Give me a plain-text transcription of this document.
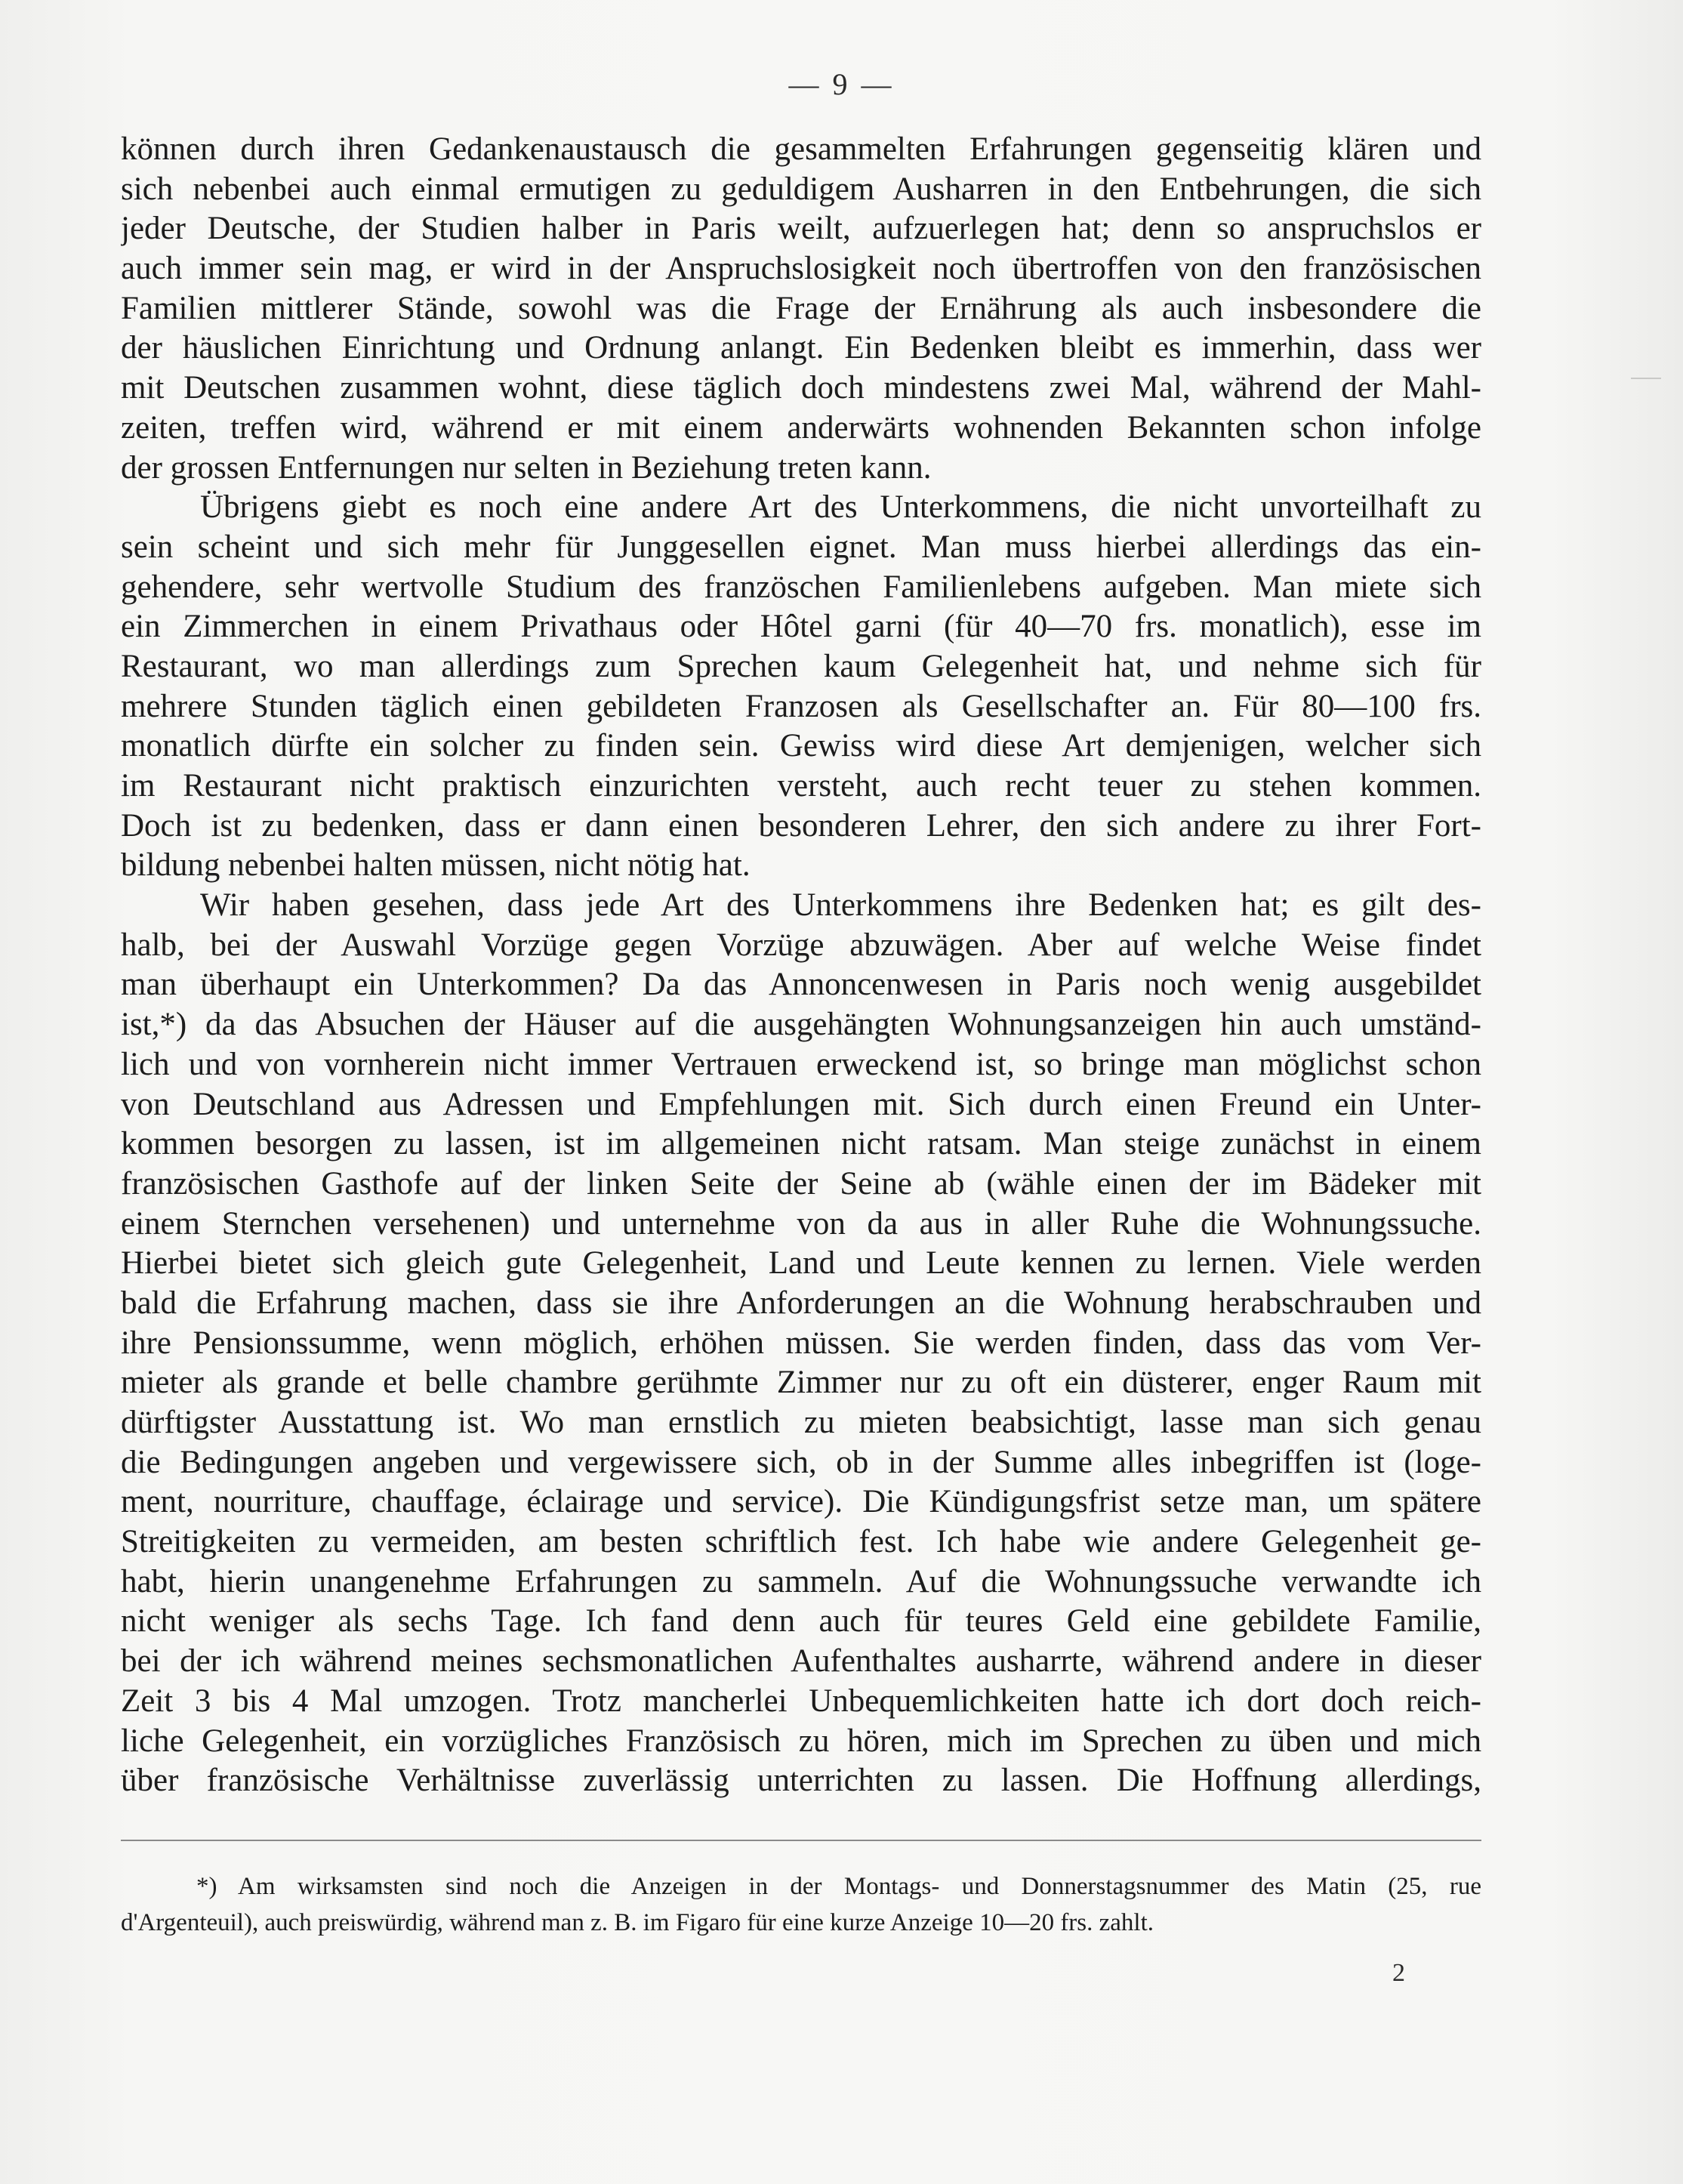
— 9 —
können durch ihren Gedankenaustausch die gesammelten Erfahrungen gegenseitig klären und
sich nebenbei auch einmal ermutigen zu geduldigem Ausharren in den Entbehrungen, die sich
jeder Deutsche, der Studien halber in Paris weilt, aufzuerlegen hat; denn so anspruchslos er
auch immer sein mag, er wird in der Anspruchslosigkeit noch übertroffen von den französischen
Familien mittlerer Stände, sowohl was die Frage der Ernährung als auch insbesondere die
der häuslichen Einrichtung und Ordnung anlangt. Ein Bedenken bleibt es immerhin, dass wer
mit Deutschen zusammen wohnt, diese täglich doch mindestens zwei Mal, während der Mahl-
zeiten, treffen wird, während er mit einem anderwärts wohnenden Bekannten schon infolge
der grossen Entfernungen nur selten in Beziehung treten kann.
Übrigens giebt es noch eine andere Art des Unterkommens, die nicht unvorteilhaft zu
sein scheint und sich mehr für Junggesellen eignet. Man muss hierbei allerdings das ein-
gehendere, sehr wertvolle Studium des französchen Familienlebens aufgeben. Man miete sich
ein Zimmerchen in einem Privathaus oder Hôtel garni (für 40—70 frs. monatlich), esse im
Restaurant, wo man allerdings zum Sprechen kaum Gelegenheit hat, und nehme sich für
mehrere Stunden täglich einen gebildeten Franzosen als Gesellschafter an. Für 80—100 frs.
monatlich dürfte ein solcher zu finden sein. Gewiss wird diese Art demjenigen, welcher sich
im Restaurant nicht praktisch einzurichten versteht, auch recht teuer zu stehen kommen.
Doch ist zu bedenken, dass er dann einen besonderen Lehrer, den sich andere zu ihrer Fort-
bildung nebenbei halten müssen, nicht nötig hat.
Wir haben gesehen, dass jede Art des Unterkommens ihre Bedenken hat; es gilt des-
halb, bei der Auswahl Vorzüge gegen Vorzüge abzuwägen. Aber auf welche Weise findet
man überhaupt ein Unterkommen? Da das Annoncenwesen in Paris noch wenig ausgebildet
ist,*) da das Absuchen der Häuser auf die ausgehängten Wohnungsanzeigen hin auch umständ-
lich und von vornherein nicht immer Vertrauen erweckend ist, so bringe man möglichst schon
von Deutschland aus Adressen und Empfehlungen mit. Sich durch einen Freund ein Unter-
kommen besorgen zu lassen, ist im allgemeinen nicht ratsam. Man steige zunächst in einem
französischen Gasthofe auf der linken Seite der Seine ab (wähle einen der im Bädeker mit
einem Sternchen versehenen) und unternehme von da aus in aller Ruhe die Wohnungssuche.
Hierbei bietet sich gleich gute Gelegenheit, Land und Leute kennen zu lernen. Viele werden
bald die Erfahrung machen, dass sie ihre Anforderungen an die Wohnung herabschrauben und
ihre Pensionssumme, wenn möglich, erhöhen müssen. Sie werden finden, dass das vom Ver-
mieter als grande et belle chambre gerühmte Zimmer nur zu oft ein düsterer, enger Raum mit
dürftigster Ausstattung ist. Wo man ernstlich zu mieten beabsichtigt, lasse man sich genau
die Bedingungen angeben und vergewissere sich, ob in der Summe alles inbegriffen ist (loge-
ment, nourriture, chauffage, éclairage und service). Die Kündigungsfrist setze man, um spätere
Streitigkeiten zu vermeiden, am besten schriftlich fest. Ich habe wie andere Gelegenheit ge-
habt, hierin unangenehme Erfahrungen zu sammeln. Auf die Wohnungssuche verwandte ich
nicht weniger als sechs Tage. Ich fand denn auch für teures Geld eine gebildete Familie,
bei der ich während meines sechsmonatlichen Aufenthaltes ausharrte, während andere in dieser
Zeit 3 bis 4 Mal umzogen. Trotz mancherlei Unbequemlichkeiten hatte ich dort doch reich-
liche Gelegenheit, ein vorzügliches Französisch zu hören, mich im Sprechen zu üben und mich
über französische Verhältnisse zuverlässig unterrichten zu lassen. Die Hoffnung allerdings,
*) Am wirksamsten sind noch die Anzeigen in der Montags- und Donnerstagsnummer des Matin (25, rue
d'Argenteuil), auch preiswürdig, während man z. B. im Figaro für eine kurze Anzeige 10—20 frs. zahlt.
2
